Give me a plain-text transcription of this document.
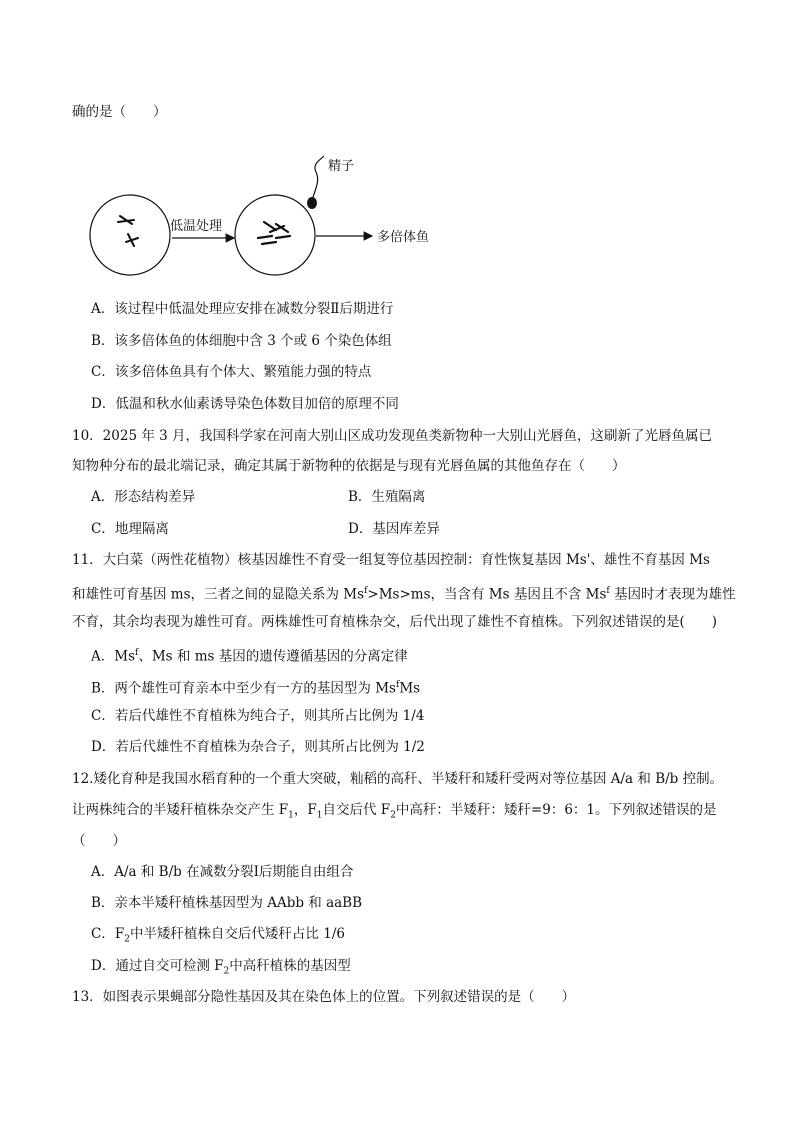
确的是（　　）
低温处理
精子
多倍体鱼
A．该过程中低温处理应安排在减数分裂Ⅱ后期进行
B．该多倍体鱼的体细胞中含 3 个或 6 个染色体组
C．该多倍体鱼具有个体大、繁殖能力强的特点
D．低温和秋水仙素诱导染色体数目加倍的原理不同
10．2025 年 3 月，我国科学家在河南大别山区成功发现鱼类新物种一大别山光唇鱼，这刷新了光唇鱼属已
知物种分布的最北端记录，确定其属于新物种的依据是与现有光唇鱼属的其他鱼存在（　　）
A．形态结构差异	B．生殖隔离
C．地理隔离	D．基因库差异
11．大白菜（两性花植物）核基因雄性不育受一组复等位基因控制：育性恢复基因 Ms'、雄性不育基因 Ms
和雄性可育基因 ms，三者之间的显隐关系为 $Ms^f>Ms>ms$，当含有 Ms 基因且不含 Ms$^f$ 基因时才表现为雄性
不育，其余均表现为雄性可育。两株雄性可育植株杂交，后代出现了雄性不育植株。下列叙述错误的是(　　)
A．Ms$^f$、Ms 和 ms 基因的遗传遵循基因的分离定律
B．两个雄性可育亲本中至少有一方的基因型为 Ms$^f$Ms
C．若后代雄性不育植株为纯合子，则其所占比例为 1/4
D．若后代雄性不育植株为杂合子，则其所占比例为 1/2
12.矮化育种是我国水稻育种的一个重大突破，籼稻的高秆、半矮秆和矮秆受两对等位基因 A/a 和 B/b 控制。
让两株纯合的半矮秆植株杂交产生 $F_1$，$F_1$自交后代 $F_2$中高秆：半矮秆：矮秆=9：6：1。下列叙述错误的是
（　　）
A．A/a 和 B/b 在减数分裂Ⅰ后期能自由组合
B．亲本半矮秆植株基因型为 AAbb 和 aaBB
C．$F_2$中半矮秆植株自交后代矮秆占比 1/6
D．通过自交可检测 $F_2$中高秆植株的基因型
13．如图表示果蝇部分隐性基因及其在染色体上的位置。下列叙述错误的是（　　）
